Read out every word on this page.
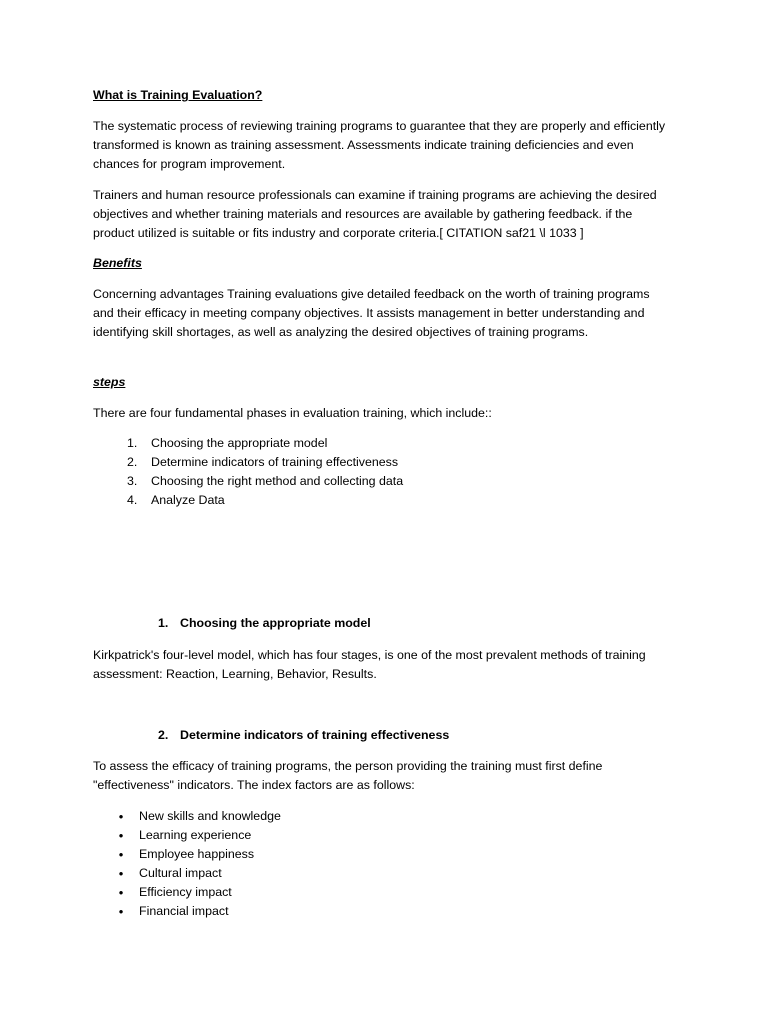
What is Training Evaluation?

The systematic process of reviewing training programs to guarantee that they are properly and efficiently transformed is known as training assessment. Assessments indicate training deficiencies and even chances for program improvement.

Trainers and human resource professionals can examine if training programs are achieving the desired objectives and whether training materials and resources are available by gathering feedback. if the product utilized is suitable or fits industry and corporate criteria.[ CITATION saf21 \l 1033 ]

Benefits

Concerning advantages Training evaluations give detailed feedback on the worth of training programs and their efficacy in meeting company objectives. It assists management in better understanding and identifying skill shortages, as well as analyzing the desired objectives of training programs.

steps

There are four fundamental phases in evaluation training, which include::

1.	Choosing the appropriate model
2.	Determine indicators of training effectiveness
3.	Choosing the right method and collecting data
4.	Analyze Data

1. Choosing the appropriate model

Kirkpatrick's four-level model, which has four stages, is one of the most prevalent methods of training assessment: Reaction, Learning, Behavior, Results.

2. Determine indicators of training effectiveness

To assess the efficacy of training programs, the person providing the training must first define "effectiveness" indicators. The index factors are as follows:

• New skills and knowledge
• Learning experience
• Employee happiness
• Cultural impact
• Efficiency impact
• Financial impact
